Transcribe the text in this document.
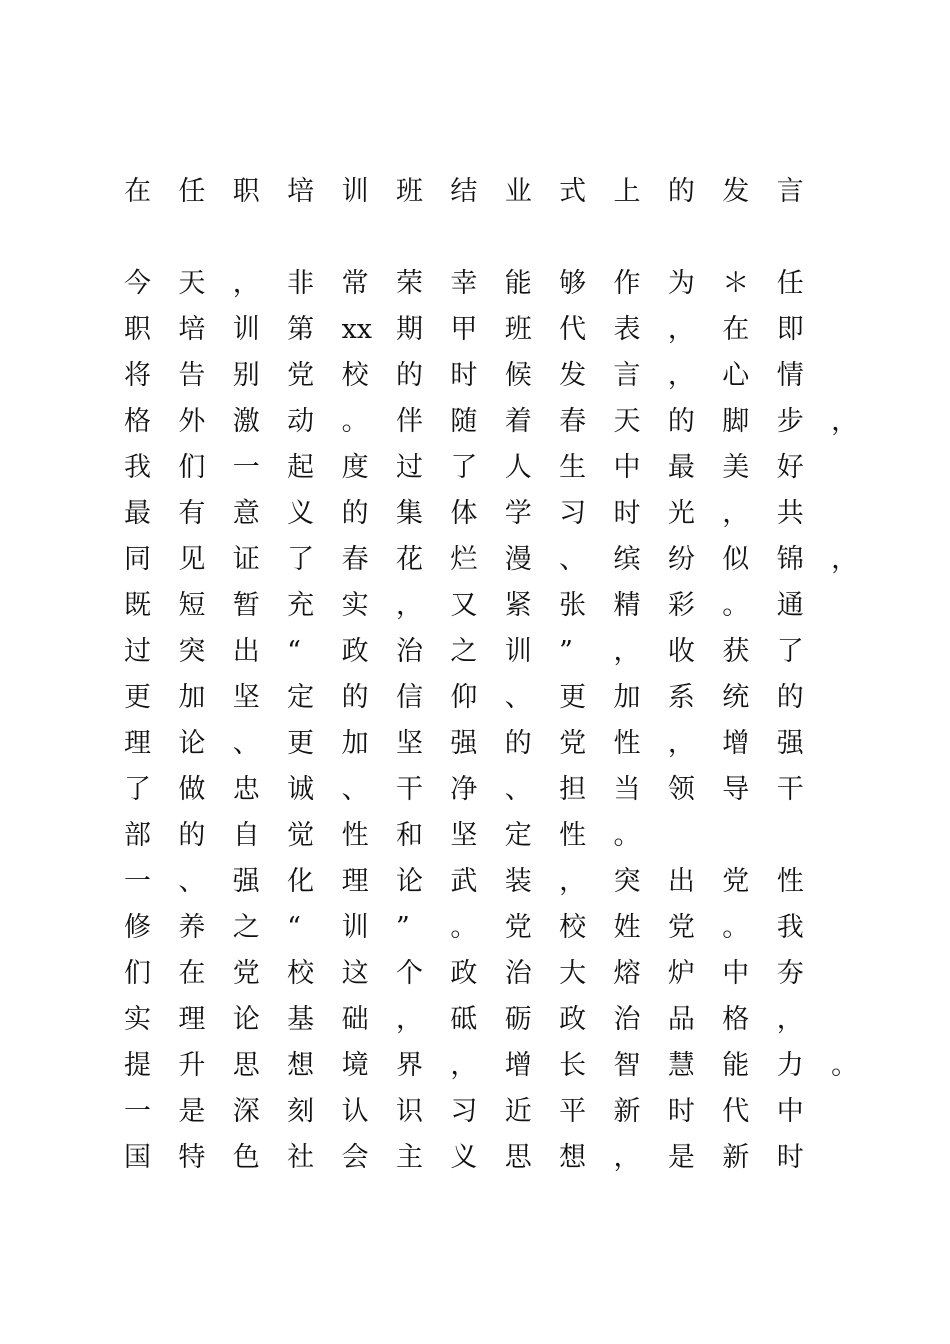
在 任 职 培 训 班 结 业 式 上 的 发 言
今 天 ， 非 常 荣 幸 能 够 作 为 ＊ 任
职 培 训 第 xx 期 甲 班 代 表 ， 在 即
将 告 别 党 校 的 时 候 发 言 ， 心 情
格 外 激 动 。 伴 随 着 春 天 的 脚 步 ，
我 们 一 起 度 过 了 人 生 中 最 美 好
最 有 意 义 的 集 体 学 习 时 光 ， 共
同 见 证 了 春 花 烂 漫 、 缤 纷 似 锦 ，
既 短 暂 充 实 ， 又 紧 张 精 彩 。 通
过 突 出 “ 政 治 之 训 ” ， 收 获 了
更 加 坚 定 的 信 仰 、 更 加 系 统 的
理 论 、 更 加 坚 强 的 党 性 ， 增 强
了 做 忠 诚 、 干 净 、 担 当 领 导 干
部 的 自 觉 性 和 坚 定 性 。
一 、 强 化 理 论 武 装 ， 突 出 党 性
修 养 之 “ 训 ” 。 党 校 姓 党 。 我
们 在 党 校 这 个 政 治 大 熔 炉 中 夯
实 理 论 基 础 ， 砥 砺 政 治 品 格 ，
提 升 思 想 境 界 ， 增 长 智 慧 能 力 。
一 是 深 刻 认 识 习 近 平 新 时 代 中
国 特 色 社 会 主 义 思 想 ， 是 新 时
